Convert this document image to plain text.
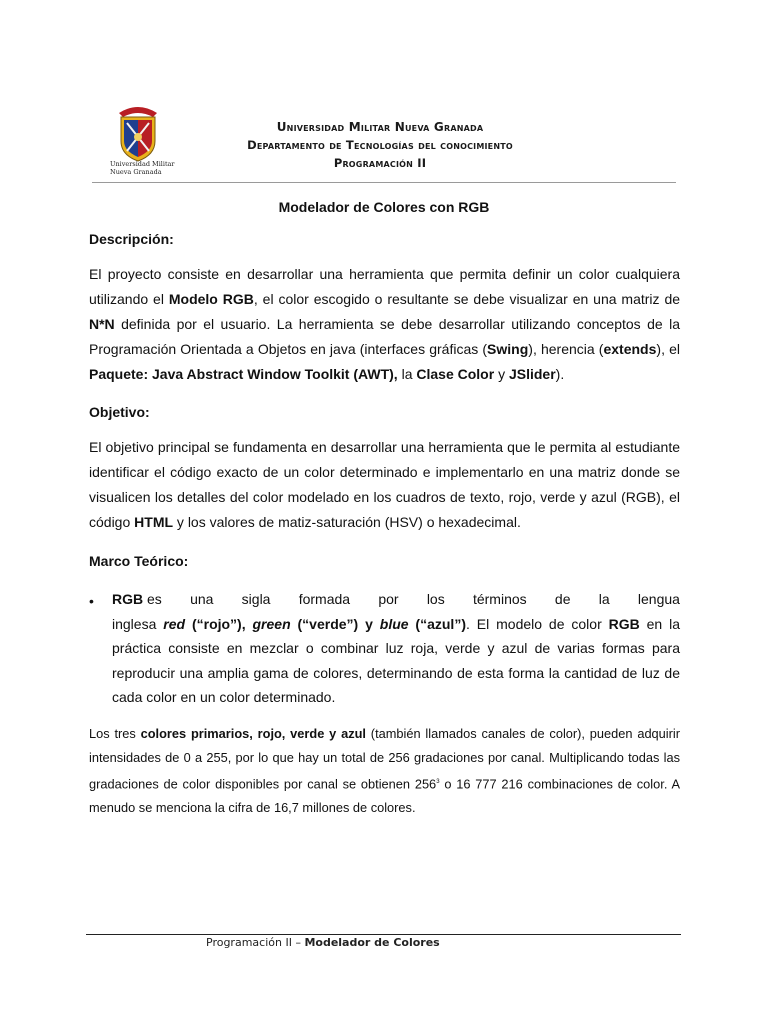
Universidad Militar
Nueva Granada
Universidad Militar Nueva Granada
Departamento de Tecnologías del conocimiento
Programación II
Modelador de Colores con RGB
Descripción:
El proyecto consiste en desarrollar una herramienta que permita definir un color cualquiera utilizando el Modelo RGB, el color escogido o resultante se debe visualizar en una matriz de N*N definida por el usuario. La herramienta se debe desarrollar utilizando conceptos de la Programación Orientada a Objetos en java (interfaces gráficas (Swing), herencia (extends), el Paquete: Java Abstract Window Toolkit (AWT), la Clase Color y JSlider).
Objetivo:
El objetivo principal se fundamenta en desarrollar una herramienta que le permita al estudiante identificar el código exacto de un color determinado e implementarlo en una matriz donde se visualicen los detalles del color modelado en los cuadros de texto, rojo, verde y azul (RGB), el código HTML y los valores de matiz-saturación (HSV) o hexadecimal.
Marco Teórico:
• RGB es una sigla formada por los términos de la lengua
inglesa red (“rojo”), green (“verde”) y blue (“azul”). El modelo de color RGB en la práctica consiste en mezclar o combinar luz roja, verde y azul de varias formas para reproducir una amplia gama de colores, determinando de esta forma la cantidad de luz de cada color en un color determinado.
Los tres colores primarios, rojo, verde y azul (también llamados canales de color), pueden adquirir intensidades de 0 a 255, por lo que hay un total de 256 gradaciones por canal. Multiplicando todas las gradaciones de color disponibles por canal se obtienen $256^3$ o 16 777 216 combinaciones de color. A menudo se menciona la cifra de 16,7 millones de colores.
Programación II – Modelador de Colores
